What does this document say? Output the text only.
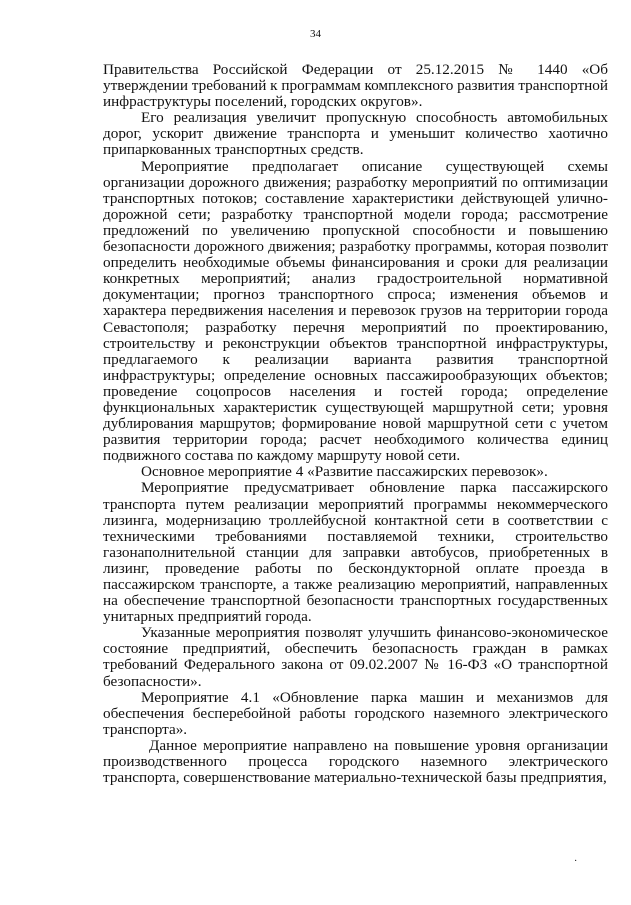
34

Правительства Российской Федерации от 25.12.2015 № 1440 «Об утверждении требований к программам комплексного развития транспортной инфраструктуры поселений, городских округов».

Его реализация увеличит пропускную способность автомобильных дорог, ускорит движение транспорта и уменьшит количество хаотично припаркованных транспортных средств.

Мероприятие предполагает описание существующей схемы организации дорожного движения; разработку мероприятий по оптимизации транспортных потоков; составление характеристики действующей улично-дорожной сети; разработку транспортной модели города; рассмотрение предложений по увеличению пропускной способности и повышению безопасности дорожного движения; разработку программы, которая позволит определить необходимые объемы финансирования и сроки для реализации конкретных мероприятий; анализ градостроительной нормативной документации; прогноз транспортного спроса; изменения объемов и характера передвижения населения и перевозок грузов на территории города Севастополя; разработку перечня мероприятий по проектированию, строительству и реконструкции объектов транспортной инфраструктуры, предлагаемого к реализации варианта развития транспортной инфраструктуры; определение основных пассажирообразующих объектов; проведение соцопросов населения и гостей города; определение функциональных характеристик существующей маршрутной сети; уровня дублирования маршрутов; формирование новой маршрутной сети с учетом развития территории города; расчет необходимого количества единиц подвижного состава по каждому маршруту новой сети.

Основное мероприятие 4 «Развитие пассажирских перевозок».

Мероприятие предусматривает обновление парка пассажирского транспорта путем реализации мероприятий программы некоммерческого лизинга, модернизацию троллейбусной контактной сети в соответствии с техническими требованиями поставляемой техники, строительство газонаполнительной станции для заправки автобусов, приобретенных в лизинг, проведение работы по бескондукторной оплате проезда в пассажирском транспорте, а также реализацию мероприятий, направленных на обеспечение транспортной безопасности транспортных государственных унитарных предприятий города.

Указанные мероприятия позволят улучшить финансово-экономическое состояние предприятий, обеспечить безопасность граждан в рамках требований Федерального закона от 09.02.2007 № 16-ФЗ «О транспортной безопасности».

Мероприятие 4.1 «Обновление парка машин и механизмов для обеспечения бесперебойной работы городского наземного электрического транспорта».

Данное мероприятие направлено на повышение уровня организации производственного процесса городского наземного электрического транспорта, совершенствование материально-технической базы предприятия,

·
